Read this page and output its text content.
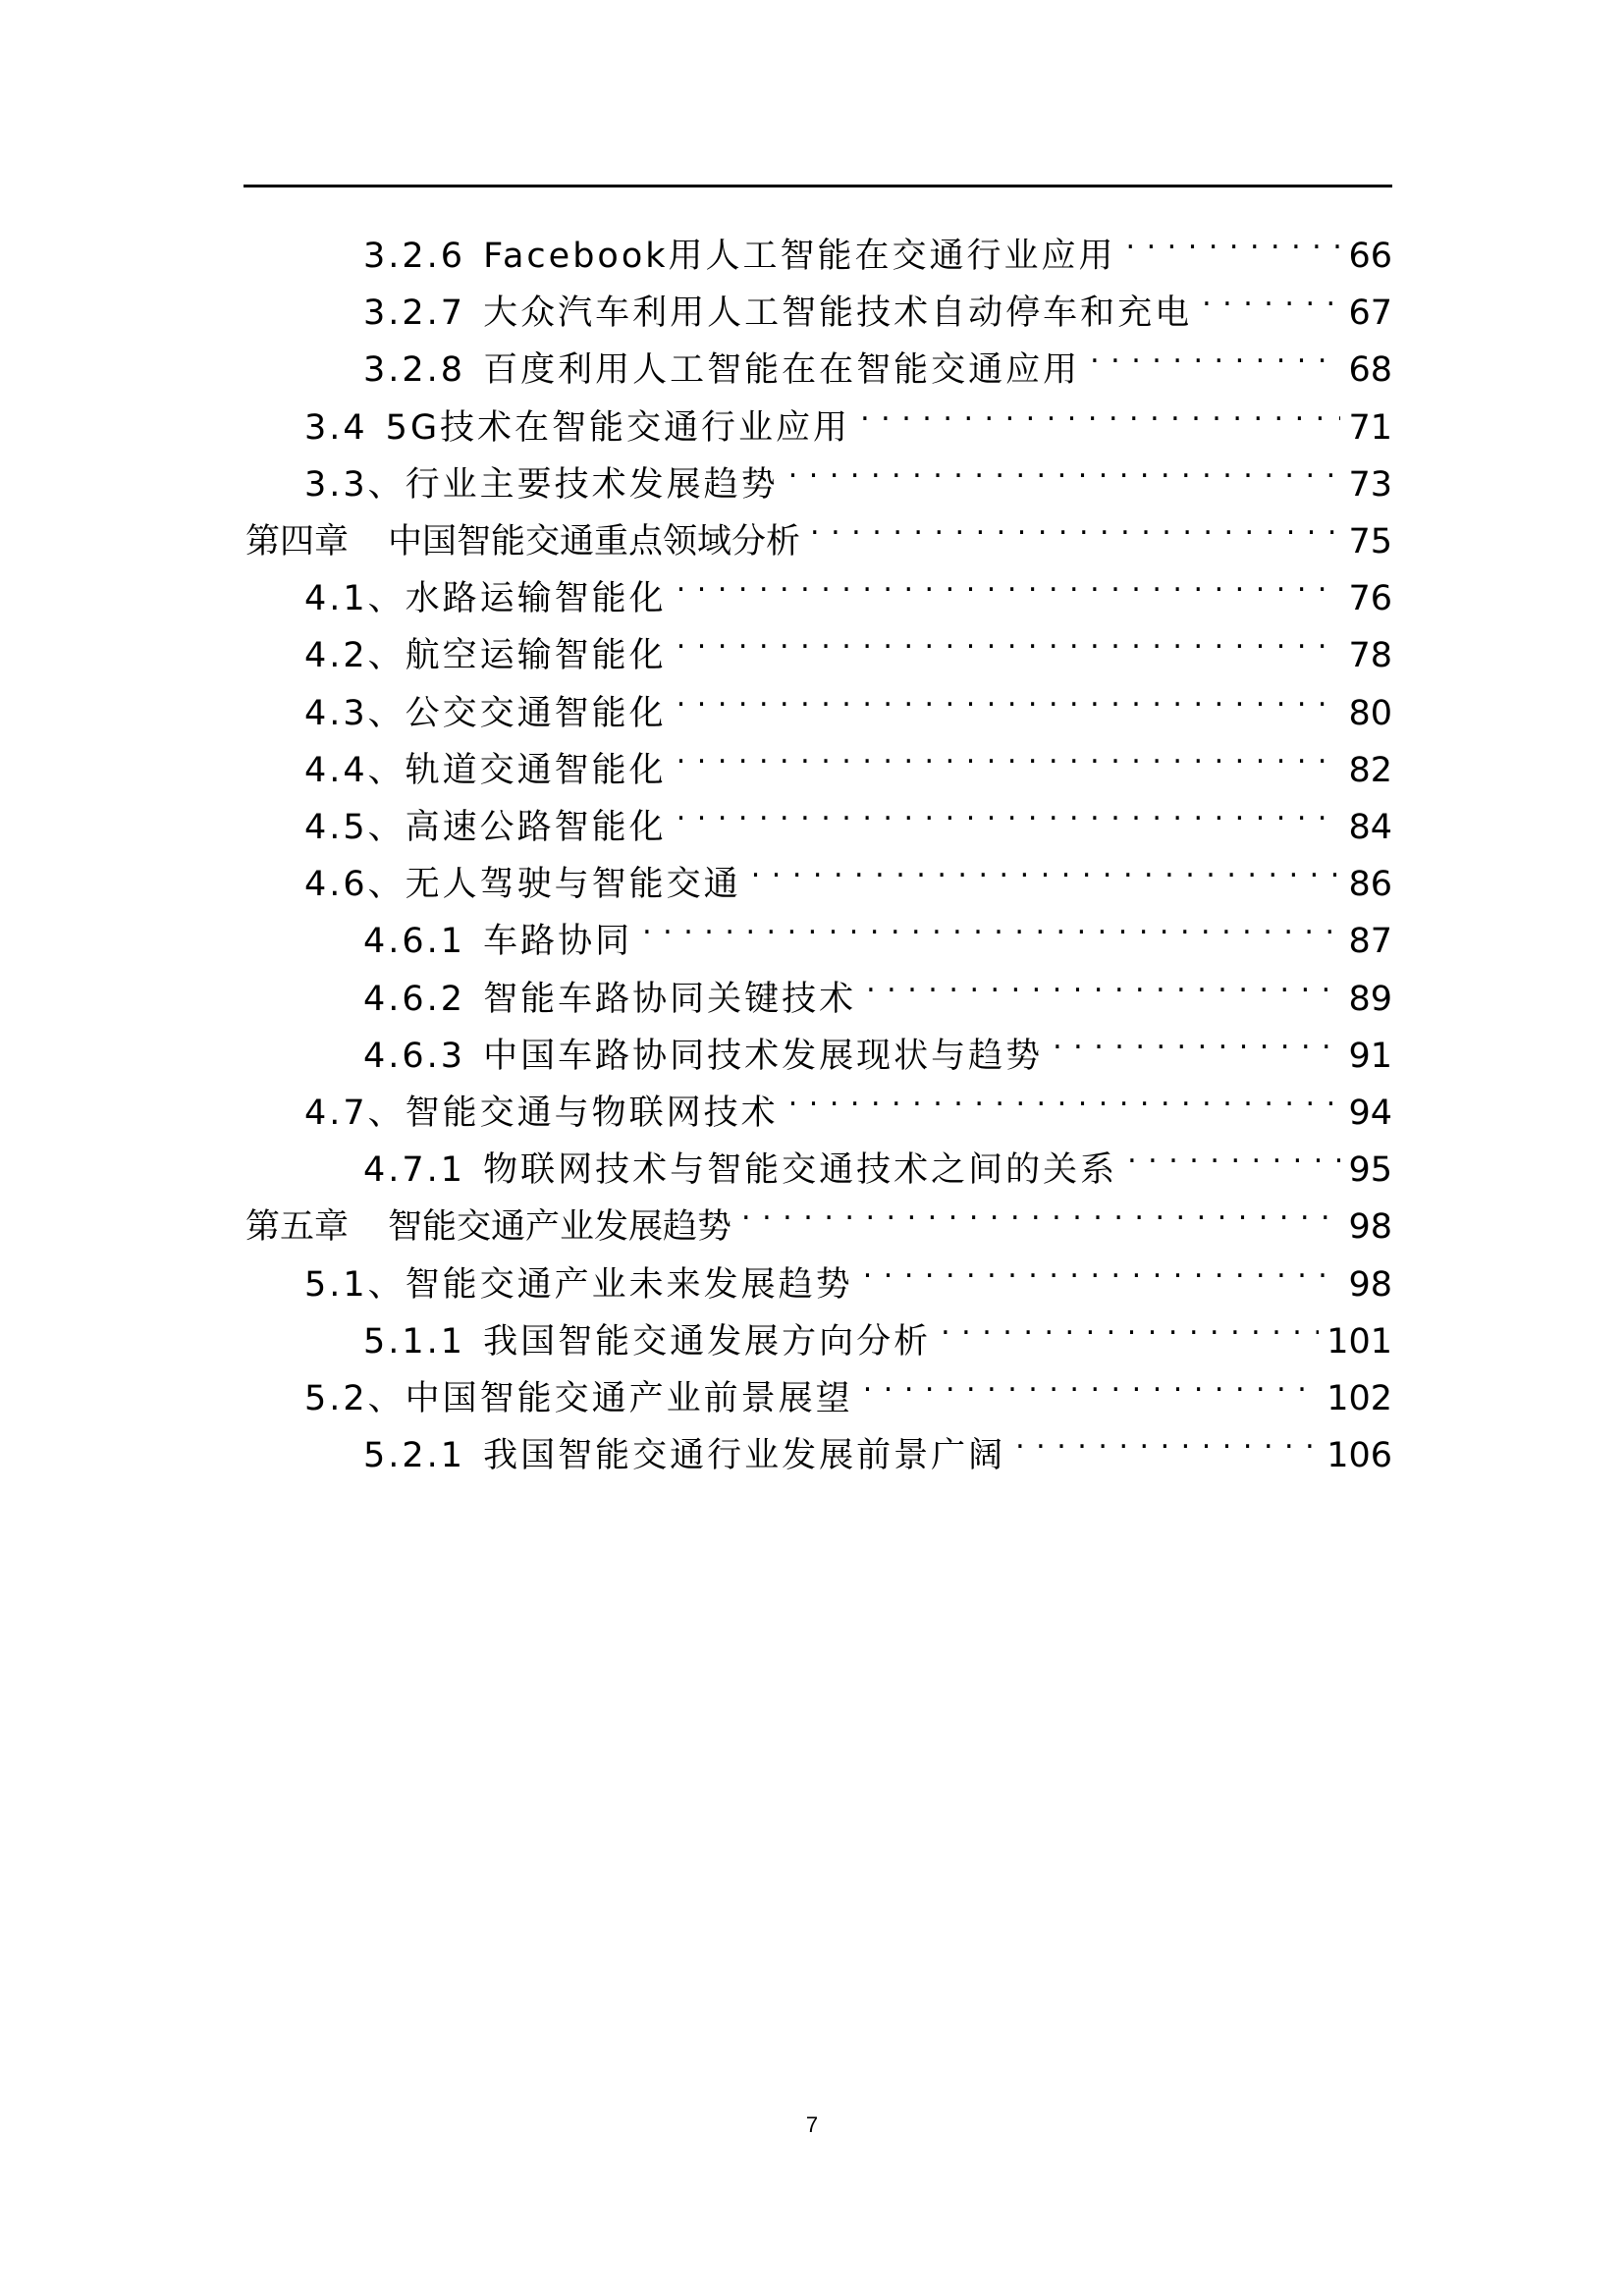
3.2.6 Facebook用人工智能在交通行业应用 . . .	66
3.2.7 大众汽车利用人工智能技术自动停车和充电 . . .	67
3.2.8 百度利用人工智能在在智能交通应用 . . .	68
3.4 5G技术在智能交通行业应用 . . .	71
3.3、 行业主要技术发展趋势 . . .	73
第四章 中国智能交通重点领域分析 . . .	75
4.1、 水路运输智能化 . . .	76
4.2、 航空运输智能化 . . .	78
4.3、 公交交通智能化 . . .	80
4.4、 轨道交通智能化 . . .	82
4.5、 高速公路智能化 . . .	84
4.6、 无人驾驶与智能交通 . . .	86
4.6.1 车路协同 . . .	87
4.6.2 智能车路协同关键技术 . . .	89
4.6.3 中国车路协同技术发展现状与趋势 . . .	91
4.7、 智能交通与物联网技术 . . .	94
4.7.1 物联网技术与智能交通技术之间的关系 . . .	95
第五章 智能交通产业发展趋势 . . .	98
5.1、 智能交通产业未来发展趋势 . . .	98
5.1.1 我国智能交通发展方向分析 . . .	101
5.2、 中国智能交通产业前景展望 . . .	102
5.2.1 我国智能交通行业发展前景广阔 . . .	106
7
